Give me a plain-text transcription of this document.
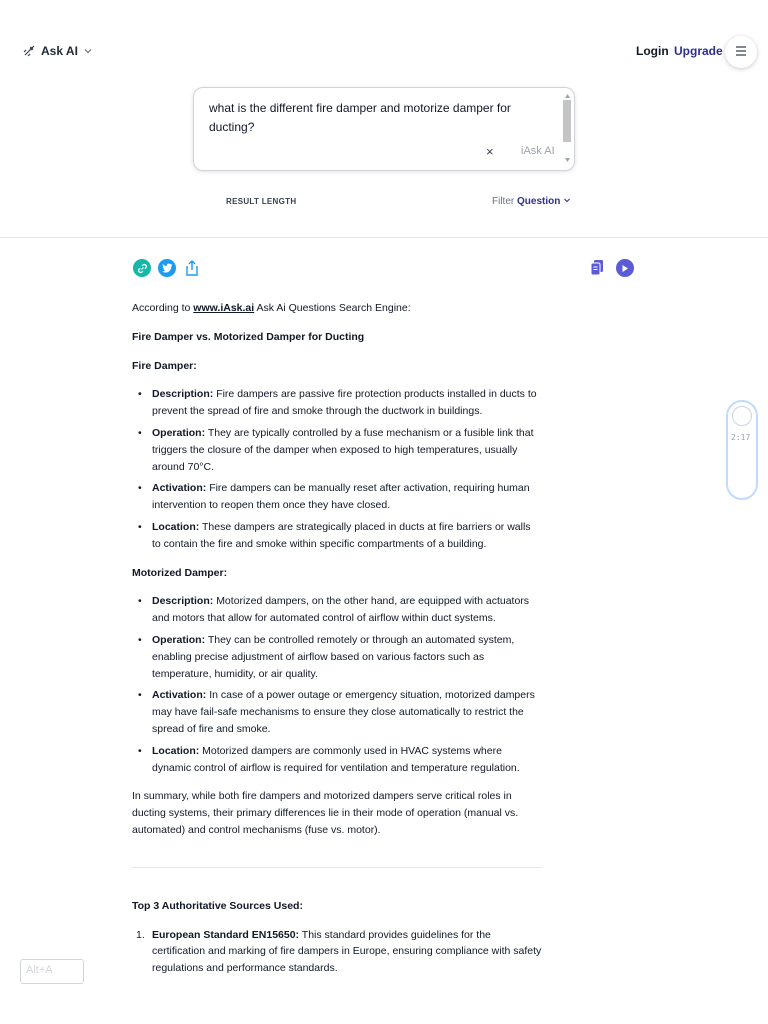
Ask AI	Login Upgrade
what is the different fire damper and motorize damper for ducting?
× iAsk AI
RESULT LENGTH	Filter Question

According to www.iAsk.ai Ask Ai Questions Search Engine:

Fire Damper vs. Motorized Damper for Ducting

Fire Damper:

• Description: Fire dampers are passive fire protection products installed in ducts to prevent the spread of fire and smoke through the ductwork in buildings.
• Operation: They are typically controlled by a fuse mechanism or a fusible link that triggers the closure of the damper when exposed to high temperatures, usually around 70°C.
• Activation: Fire dampers can be manually reset after activation, requiring human intervention to reopen them once they have closed.
• Location: These dampers are strategically placed in ducts at fire barriers or walls to contain the fire and smoke within specific compartments of a building.

Motorized Damper:

• Description: Motorized dampers, on the other hand, are equipped with actuators and motors that allow for automated control of airflow within duct systems.
• Operation: They can be controlled remotely or through an automated system, enabling precise adjustment of airflow based on various factors such as temperature, humidity, or air quality.
• Activation: In case of a power outage or emergency situation, motorized dampers may have fail-safe mechanisms to ensure they close automatically to restrict the spread of fire and smoke.
• Location: Motorized dampers are commonly used in HVAC systems where dynamic control of airflow is required for ventilation and temperature regulation.

In summary, while both fire dampers and motorized dampers serve critical roles in ducting systems, their primary differences lie in their mode of operation (manual vs. automated) and control mechanisms (fuse vs. motor).

Top 3 Authoritative Sources Used:

1. European Standard EN15650: This standard provides guidelines for the certification and marking of fire dampers in Europe, ensuring compliance with safety regulations and performance standards.
2:17
Alt+A
